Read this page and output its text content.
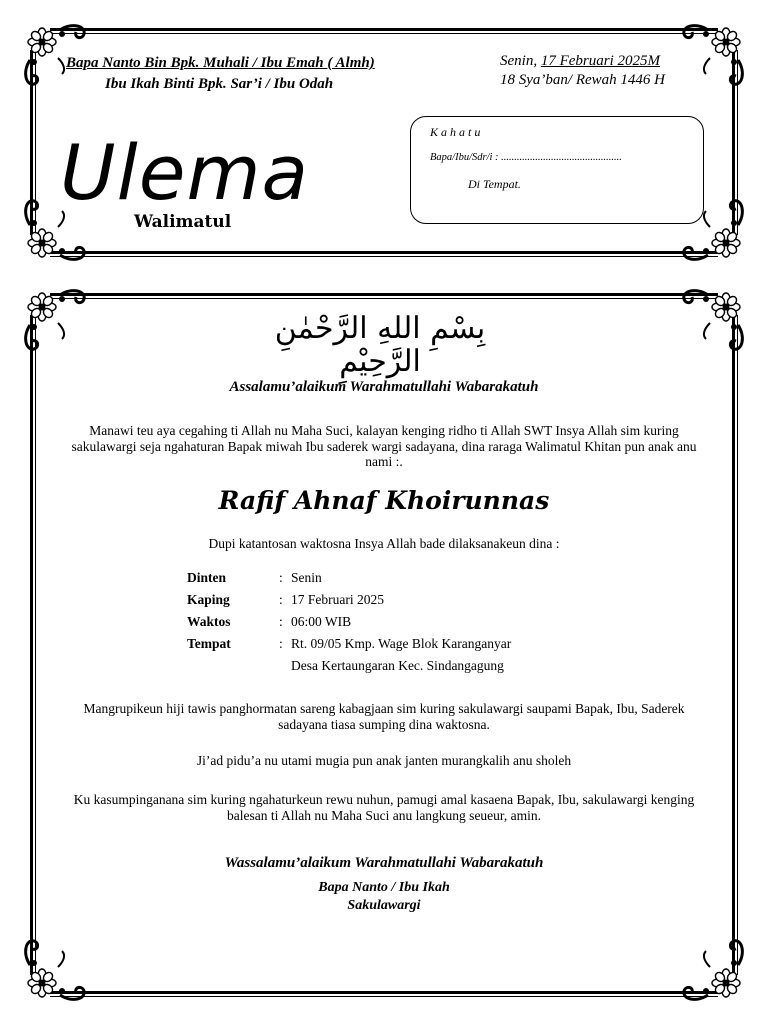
Bapa Nanto Bin Bpk. Muhali / Ibu Emah ( Almh)
Ibu Ikah Binti Bpk. Sar’i / Ibu Odah
Senin, 17 Februari 2025M
18 Sya’ban/ Rewah 1446 H
Ulema
Walimatul
K a h a t u
Bapa/Ibu/Sdr/i : ..............................................
Di Tempat.
بِسْمِ اللهِ الرَّحْمٰنِ الرَّحِيْمِ
Assalamu’alaikum Warahmatullahi Wabarakatuh
Manawi teu aya cegahing ti Allah nu Maha Suci, kalayan kenging ridho ti Allah SWT Insya Allah sim kuring sakulawargi seja ngahaturan Bapak miwah Ibu saderek wargi sadayana, dina raraga Walimatul Khitan pun anak anu nami :.
Rafif Ahnaf Khoirunnas
Dupi katantosan waktosna Insya Allah bade dilaksanakeun dina :
Dinten	:	Senin
Kaping	:	17 Februari 2025
Waktos	:	06:00 WIB
Tempat	:	Rt. 09/05 Kmp. Wage Blok Karanganyar
		Desa Kertaungaran Kec. Sindangagung
Mangrupikeun hiji tawis panghormatan sareng kabagjaan sim kuring sakulawargi saupami Bapak, Ibu, Saderek sadayana tiasa sumping dina waktosna.
Ji’ad pidu’a nu utami mugia pun anak janten murangkalih anu sholeh
Ku kasumpinganana sim kuring ngahaturkeun rewu nuhun, pamugi amal kasaena Bapak, Ibu, sakulawargi kenging balesan ti Allah nu Maha Suci anu langkung seueur, amin.
Wassalamu’alaikum Warahmatullahi Wabarakatuh
Bapa Nanto / Ibu Ikah
Sakulawargi
